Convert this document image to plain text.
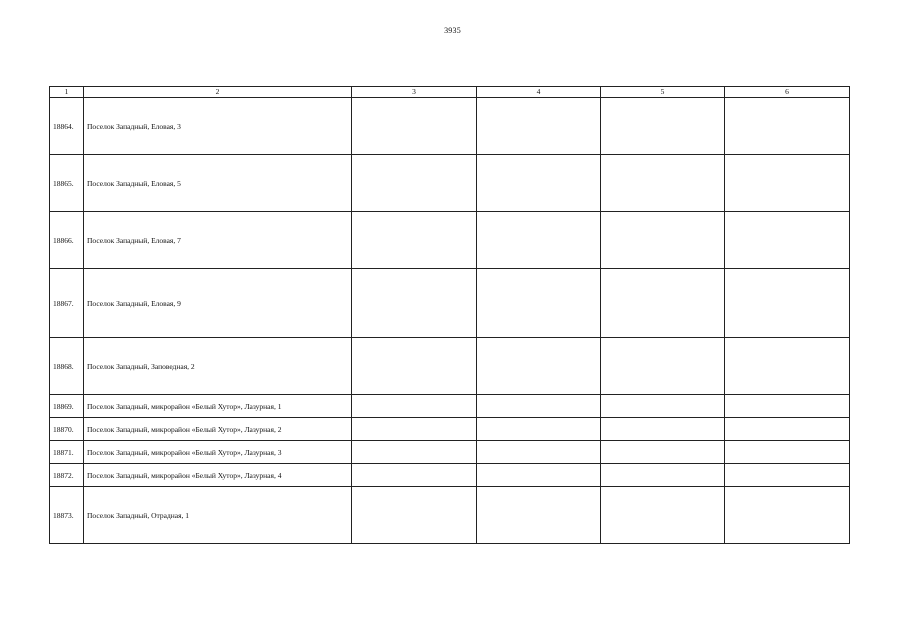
3935
1	2	3	4	5	6
18864.	Поселок Западный, Еловая, 3				
18865.	Поселок Западный, Еловая, 5				
18866.	Поселок Западный, Еловая, 7				
18867.	Поселок Западный, Еловая, 9				
18868.	Поселок Западный, Заповедная, 2				
18869.	Поселок Западный, микрорайон «Белый Хутор», Лазурная, 1				
18870.	Поселок Западный, микрорайон «Белый Хутор», Лазурная, 2				
18871.	Поселок Западный, микрорайон «Белый Хутор», Лазурная, 3				
18872.	Поселок Западный, микрорайон «Белый Хутор», Лазурная, 4				
18873.	Поселок Западный, Отрадная, 1				
